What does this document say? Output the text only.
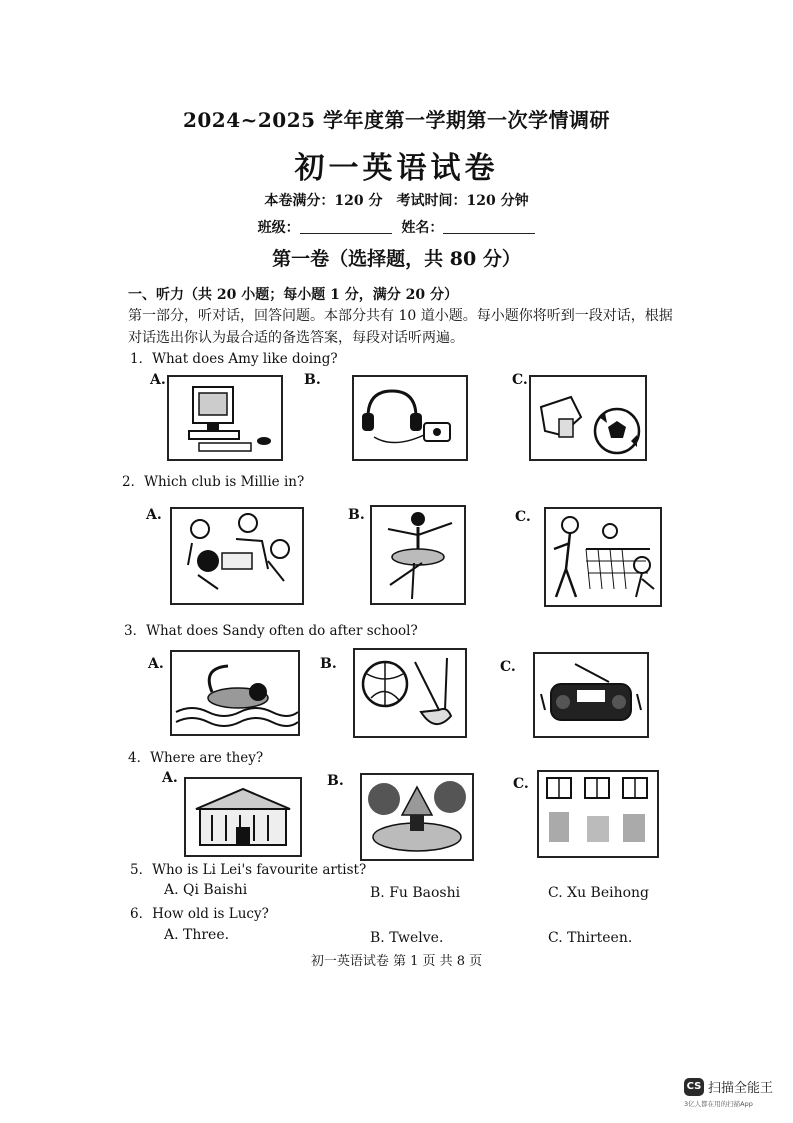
2024~2025 学年度第一学期第一次学情调研
初一英语试卷
本卷满分：120 分　考试时间：120 分钟
班级：	姓名：
第一卷（选择题，共 80 分）
一、听力（共 20 小题；每小题 1 分，满分 20 分）
第一部分，听对话，回答问题。本部分共有 10 道小题。每小题你将听到一段对话，根据
对话选出你认为最合适的备选答案，每段对话听两遍。
1．What does Amy like doing?
A.	B.	C.
2．Which club is Millie in?
A.	B.	C.
3．What does Sandy often do after school?
A.	B.	C.
4．Where are they?
A.	B.	C.
5．Who is Li Lei's favourite artist?
A. Qi Baishi	B. Fu Baoshi	C. Xu Beihong
6．How old is Lucy?
A. Three.	B. Twelve.	C. Thirteen.
初一英语试卷 第 1 页 共 8 页
CS 扫描全能王
3亿人都在用的扫描App
